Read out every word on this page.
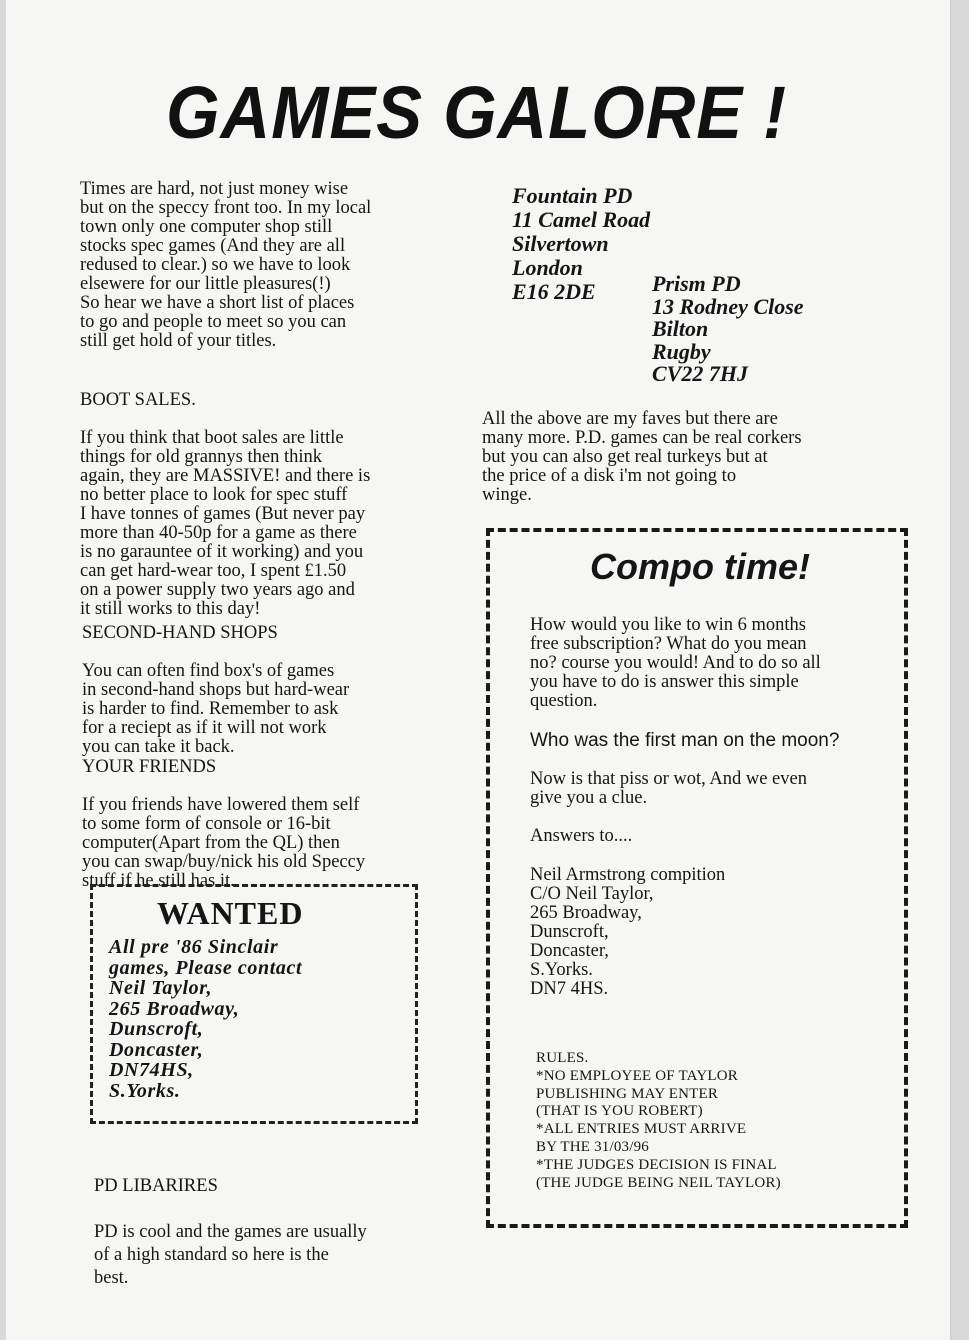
GAMES GALORE !
Times are hard, not just money wise
but on the speccy front too. In my local
town only one computer shop still
stocks spec games (And they are all
redused to clear.) so we have to look
elsewere for our little pleasures(!)
So hear we have a short list of places
to go and people to meet so you can
still get hold of your titles.

BOOT SALES.

If you think that boot sales are little
things for old grannys then think
again, they are MASSIVE! and there is
no better place to look for spec stuff
I have tonnes of games (But never pay
more than 40-50p for a game as there
is no garauntee of it working) and you
can get hard-wear too, I spent £1.50
on a power supply two years ago and
it still works to this day!

SECOND-HAND SHOPS

You can often find box's of games
in second-hand shops but hard-wear
is harder to find. Remember to ask
for a reciept as if it will not work
you can take it back.

YOUR FRIENDS

If you friends have lowered them self
to some form of console or 16-bit
computer(Apart from the QL) then
you can swap/buy/nick his old Speccy
stuff if he still has it.

WANTED
All pre '86 Sinclair
games, Please contact
Neil Taylor,
265 Broadway,
Dunscroft,
Doncaster,
DN74HS,
S.Yorks.

PD LIBARIRES

PD is cool and the games are usually
of a high standard so here is the
best.

Fountain PD
11 Camel Road
Silvertown
London
E16 2DE	Prism PD
13 Rodney Close
Bilton
Rugby
CV22 7HJ
All the above are my faves but there are
many more. P.D. games can be real corkers
but you can also get real turkeys but at
the price of a disk i'm not going to
winge.
Compo time!
How would you like to win 6 months
free subscription? What do you mean
no? course you would! And to do so all
you have to do is answer this simple
question.
Who was the first man on the moon?
Now is that piss or wot, And we even
give you a clue.
Answers to....
Neil Armstrong compition
C/O Neil Taylor,
265 Broadway,
Dunscroft,
Doncaster,
S.Yorks.
DN7 4HS.
RULES.
*NO EMPLOYEE OF TAYLOR
PUBLISHING MAY ENTER
(THAT IS YOU ROBERT)
*ALL ENTRIES MUST ARRIVE
BY THE 31/03/96
*THE JUDGES DECISION IS FINAL
(THE JUDGE BEING NEIL TAYLOR)
